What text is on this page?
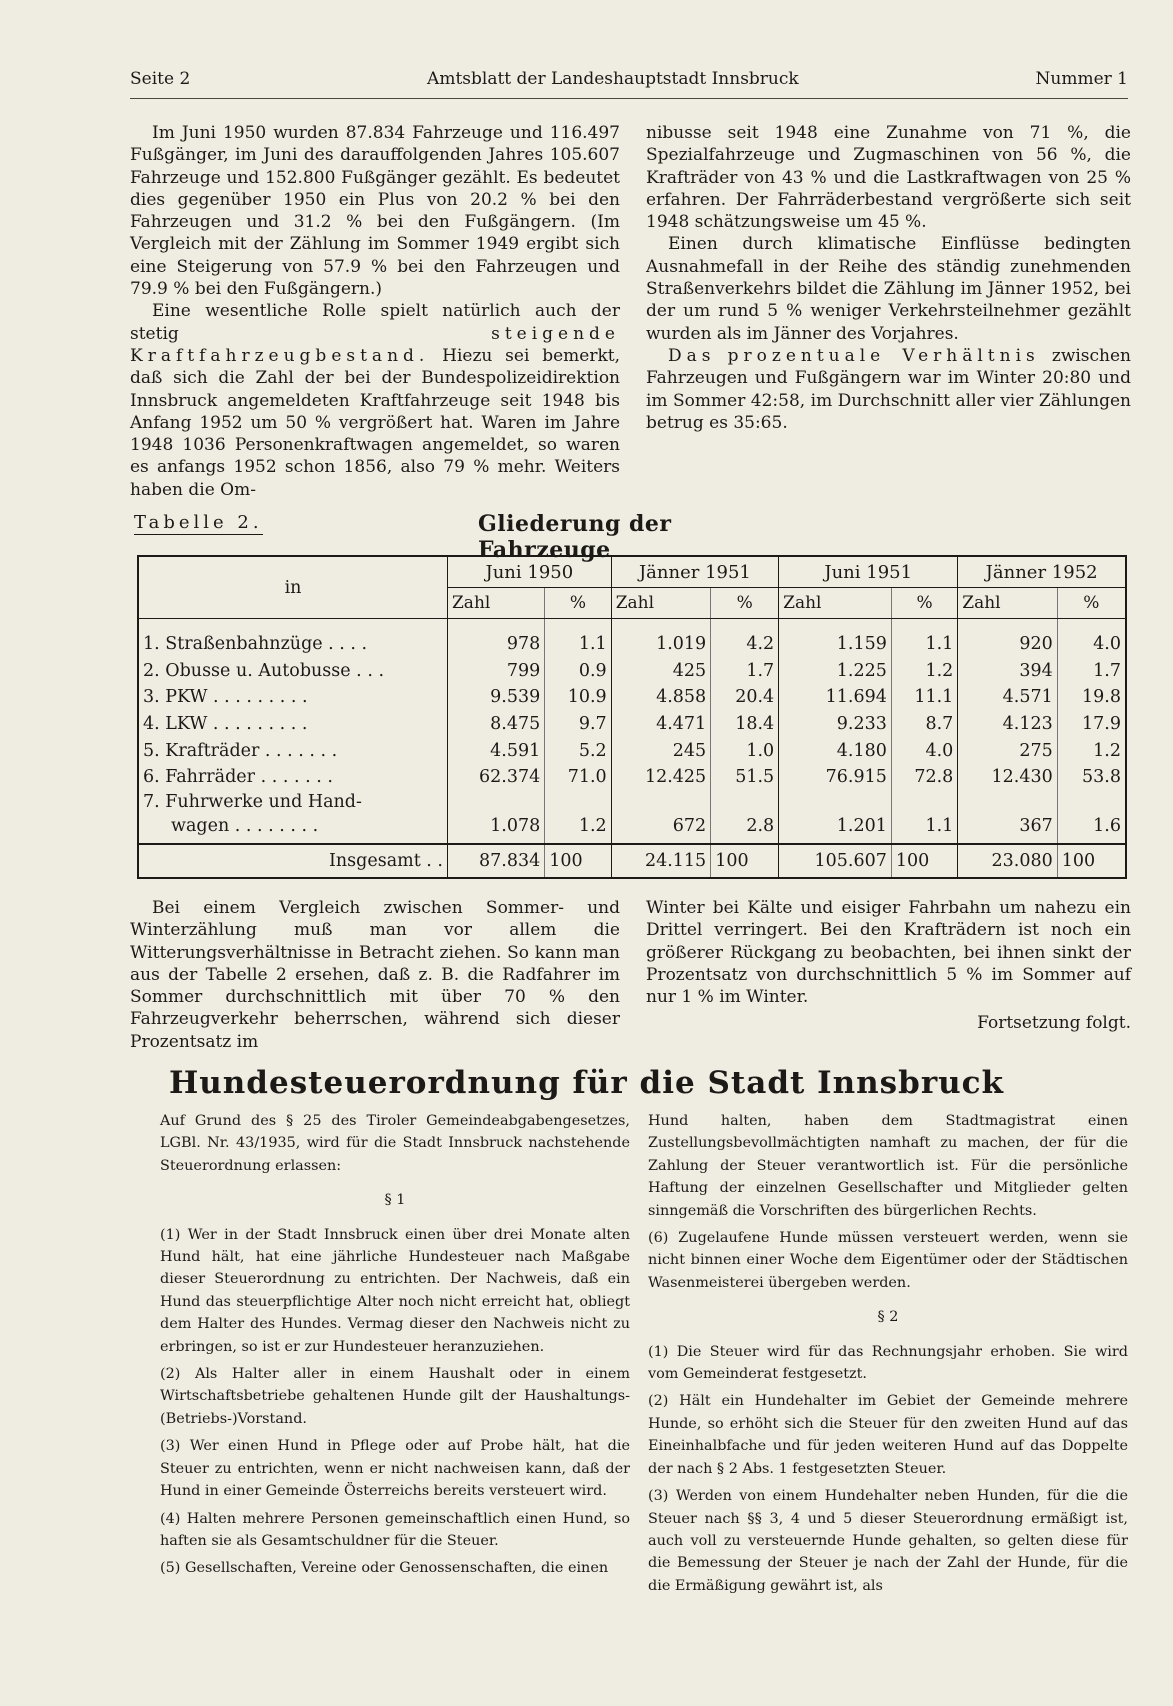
Seite 2	Amtsblatt der Landeshauptstadt Innsbruck	Nummer 1

Im Juni 1950 wurden 87.834 Fahrzeuge und 116.497 Fußgänger, im Juni des darauffolgenden Jahres 105.607 Fahrzeuge und 152.800 Fußgänger gezählt. Es bedeutet dies gegenüber 1950 ein Plus von 20.2 % bei den Fahrzeugen und 31.2 % bei den Fußgängern. (Im Vergleich mit der Zählung im Sommer 1949 ergibt sich eine Steigerung von 57.9 % bei den Fahrzeugen und 79.9 % bei den Fußgängern.)

Eine wesentliche Rolle spielt natürlich auch der stetig	steigende Kraftfahrzeugbestand. Hiezu sei bemerkt, daß sich die Zahl der bei der Bundespolizeidirektion Innsbruck angemeldeten Kraftfahrzeuge seit 1948 bis Anfang 1952 um 50 % vergrößert hat. Waren im Jahre 1948 1036 Personenkraftwagen angemeldet, so waren es anfangs 1952 schon 1856, also 79 % mehr. Weiters haben die Om-

nibusse seit 1948 eine Zunahme von 71 %, die Spezialfahrzeuge und Zugmaschinen von 56 %, die Krafträder von 43 % und die Lastkraftwagen von 25 % erfahren. Der Fahrräderbestand vergrößerte sich seit 1948 schätzungsweise um 45 %.

Einen durch klimatische Einflüsse bedingten Ausnahmefall in der Reihe des ständig zunehmenden Straßenverkehrs bildet die Zählung im Jänner 1952, bei der um rund 5 % weniger Verkehrsteilnehmer gezählt wurden als im Jänner des Vorjahres.

Das prozentuale Verhältnis zwischen Fahrzeugen und Fußgängern war im Winter 20:80 und im Sommer 42:58, im Durchschnitt aller vier Zählungen betrug es 35:65.

Tabelle 2.	Gliederung der Fahrzeuge
in	Juni 1950		Jänner 1951		Juni 1951		Jänner 1952	
	Zahl	%	Zahl	%	Zahl	%	Zahl	%
1. Straßenbahnzüge . . . .	978	1.1	1.019	4.2	1.159	1.1	920	4.0
2. Obusse u. Autobusse . . .	799	0.9	425	1.7	1.225	1.2	394	1.7
3. PKW . . . . . . . . .	9.539	10.9	4.858	20.4	11.694	11.1	4.571	19.8
4. LKW . . . . . . . . .	8.475	9.7	4.471	18.4	9.233	8.7	4.123	17.9
5. Krafträder . . . . . . .	4.591	5.2	245	1.0	4.180	4.0	275	1.2
6. Fahrräder . . . . . . .	62.374	71.0	12.425	51.5	76.915	72.8	12.430	53.8
7. Fuhrwerke und Hand-								
wagen . . . . . . . .	1.078	1.2	672	2.8	1.201	1.1	367	1.6
Insgesamt . .	87.834	100	24.115	100	105.607	100	23.080	100

Bei einem Vergleich zwischen Sommer- und Winterzählung muß man vor allem die Witterungsverhältnisse in Betracht ziehen. So kann man aus der Tabelle 2 ersehen, daß z. B. die Radfahrer im Sommer durchschnittlich mit über 70 % den Fahrzeugverkehr beherrschen, während sich dieser Prozentsatz im

Winter bei Kälte und eisiger Fahrbahn um nahezu ein Drittel verringert. Bei den Krafträdern ist noch ein größerer Rückgang zu beobachten, bei ihnen sinkt der Prozentsatz von durchschnittlich 5 % im Sommer auf nur 1 % im Winter.

Fortsetzung folgt.
Hundesteuerordnung für die Stadt Innsbruck

Auf Grund des § 25 des Tiroler Gemeindeabgabengesetzes, LGBl. Nr. 43/1935, wird für die Stadt Innsbruck nachstehende Steuerordnung erlassen:

§ 1

(1) Wer in der Stadt Innsbruck einen über drei Monate alten Hund hält, hat eine jährliche Hundesteuer nach Maßgabe dieser Steuerordnung zu entrichten. Der Nachweis, daß ein Hund das steuerpflichtige Alter noch nicht erreicht hat, obliegt dem Halter des Hundes. Vermag dieser den Nachweis nicht zu erbringen, so ist er zur Hundesteuer heranzuziehen.

(2) Als Halter aller in einem Haushalt oder in einem Wirtschaftsbetriebe gehaltenen Hunde gilt der Haushaltungs-(Betriebs-)Vorstand.

(3) Wer einen Hund in Pflege oder auf Probe hält, hat die Steuer zu entrichten, wenn er nicht nachweisen kann, daß der Hund in einer Gemeinde Österreichs bereits versteuert wird.

(4) Halten mehrere Personen gemeinschaftlich einen Hund, so haften sie als Gesamtschuldner für die Steuer.

(5) Gesellschaften, Vereine oder Genossenschaften, die einen

Hund halten, haben dem Stadtmagistrat einen Zustellungsbevollmächtigten namhaft zu machen, der für die Zahlung der Steuer verantwortlich ist. Für die persönliche Haftung der einzelnen Gesellschafter und Mitglieder gelten sinngemäß die Vorschriften des bürgerlichen Rechts.

(6) Zugelaufene Hunde müssen versteuert werden, wenn sie nicht binnen einer Woche dem Eigentümer oder der Städtischen Wasenmeisterei übergeben werden.

§ 2

(1) Die Steuer wird für das Rechnungsjahr erhoben. Sie wird vom Gemeinderat festgesetzt.

(2) Hält ein Hundehalter im Gebiet der Gemeinde mehrere Hunde, so erhöht sich die Steuer für den zweiten Hund auf das Eineinhalbfache und für jeden weiteren Hund auf das Doppelte der nach § 2 Abs. 1 festgesetzten Steuer.

(3) Werden von einem Hundehalter neben Hunden, für die die Steuer nach §§ 3, 4 und 5 dieser Steuerordnung ermäßigt ist, auch voll zu versteuernde Hunde gehalten, so gelten diese für die Bemessung der Steuer je nach der Zahl der Hunde, für die die Ermäßigung gewährt ist, als
